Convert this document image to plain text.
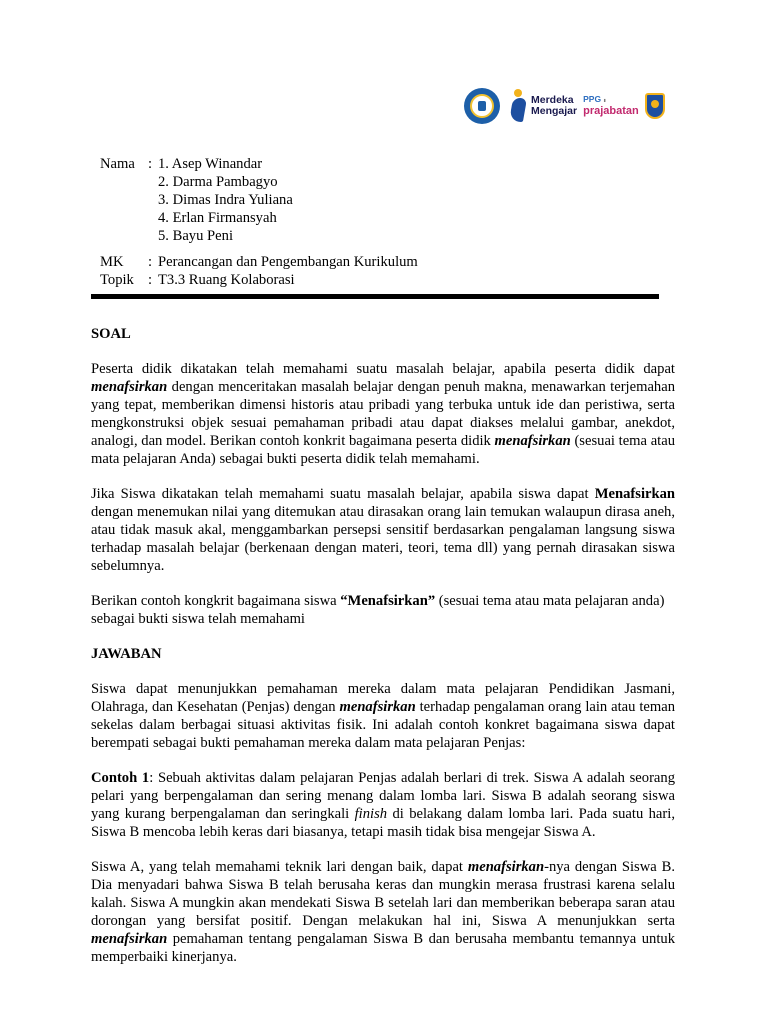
Merdeka
Mengajar
PPG ▮
prajabatan
Nama	:	1. Asep Winandar
2. Darma Pambagyo
3. Dimas Indra Yuliana
4. Erlan Firmansyah
5. Bayu Peni

MK	:	Perancangan dan Pengembangan Kurikulum
Topik	:	T3.3 Ruang Kolaborasi
SOAL

Peserta didik dikatakan telah memahami suatu masalah belajar, apabila peserta didik dapat menafsirkan dengan menceritakan masalah belajar dengan penuh makna, menawarkan terjemahan yang tepat, memberikan dimensi historis atau pribadi yang terbuka untuk ide dan peristiwa, serta mengkonstruksi objek sesuai pemahaman pribadi atau dapat diakses melalui gambar, anekdot, analogi, dan model. Berikan contoh konkrit bagaimana peserta didik menafsirkan (sesuai tema atau mata pelajaran Anda) sebagai bukti peserta didik telah memahami.

Jika Siswa dikatakan telah memahami suatu masalah belajar, apabila siswa dapat Menafsirkan dengan menemukan nilai yang ditemukan atau dirasakan orang lain temukan walaupun dirasa aneh, atau tidak masuk akal, menggambarkan persepsi sensitif berdasarkan pengalaman langsung siswa terhadap masalah belajar (berkenaan dengan materi, teori, tema dll) yang pernah dirasakan siswa sebelumnya.

Berikan contoh kongkrit bagaimana siswa “Menafsirkan” (sesuai tema atau mata pelajaran anda) sebagai bukti siswa telah memahami

JAWABAN

Siswa dapat menunjukkan pemahaman mereka dalam mata pelajaran Pendidikan Jasmani, Olahraga, dan Kesehatan (Penjas) dengan menafsirkan terhadap pengalaman orang lain atau teman sekelas dalam berbagai situasi aktivitas fisik. Ini adalah contoh konkret bagaimana siswa dapat berempati sebagai bukti pemahaman mereka dalam mata pelajaran Penjas:

Contoh 1: Sebuah aktivitas dalam pelajaran Penjas adalah berlari di trek. Siswa A adalah seorang pelari yang berpengalaman dan sering menang dalam lomba lari. Siswa B adalah seorang siswa yang kurang berpengalaman dan seringkali finish di belakang dalam lomba lari. Pada suatu hari, Siswa B mencoba lebih keras dari biasanya, tetapi masih tidak bisa mengejar Siswa A.

Siswa A, yang telah memahami teknik lari dengan baik, dapat menafsirkan-nya dengan Siswa B. Dia menyadari bahwa Siswa B telah berusaha keras dan mungkin merasa frustrasi karena selalu kalah. Siswa A mungkin akan mendekati Siswa B setelah lari dan memberikan beberapa saran atau dorongan yang bersifat positif. Dengan melakukan hal ini, Siswa A menunjukkan serta menafsirkan pemahaman tentang pengalaman Siswa B dan berusaha membantu temannya untuk memperbaiki kinerjanya.
